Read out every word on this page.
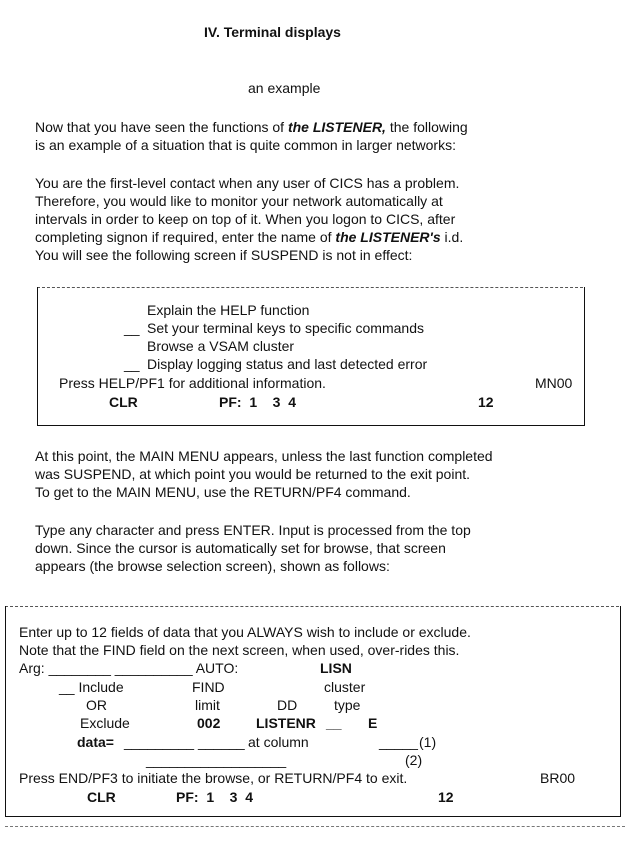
IV. Terminal displays
an example

Now that you have seen the functions of the LISTENER, the following

is an example of a situation that is quite common in larger networks:

You are the first-level contact when any user of CICS has a problem.

Therefore, you would like to monitor your network automatically at

intervals in order to keep on top of it. When you logon to CICS, after

completing signon if required, enter the name of the LISTENER's i.d.

You will see the following screen if SUSPEND is not in effect:

Explain the HELP function
__ Set your terminal keys to specific commands
Browse a VSAM cluster
__ Display logging status and last detected error
Press HELP/PF1 for additional information.	MN00
CLR	PF:  1    3  4	12

At this point, the MAIN MENU appears, unless the last function completed

was SUSPEND, at which point you would be returned to the exit point.

To get to the MAIN MENU, use the RETURN/PF4 command.

Type any character and press ENTER. Input is processed from the top

down. Since the cursor is automatically set for browse, that screen

appears (the browse selection screen), shown as follows:

Enter up to 12 fields of data that you ALWAYS wish to include or exclude.
Note that the FIND field on the next screen, when used, over-rides this.
Arg: ________ __________ AUTO:	LISN
__ Include	FIND	cluster
OR	limit	DD	type
Exclude	002	LISTENR __ E
data= _________ ______ at column	_____ (1)
__________________	(2)
Press END/PF3 to initiate the browse, or RETURN/PF4 to exit.	BR00
CLR	PF:  1    3  4	12
